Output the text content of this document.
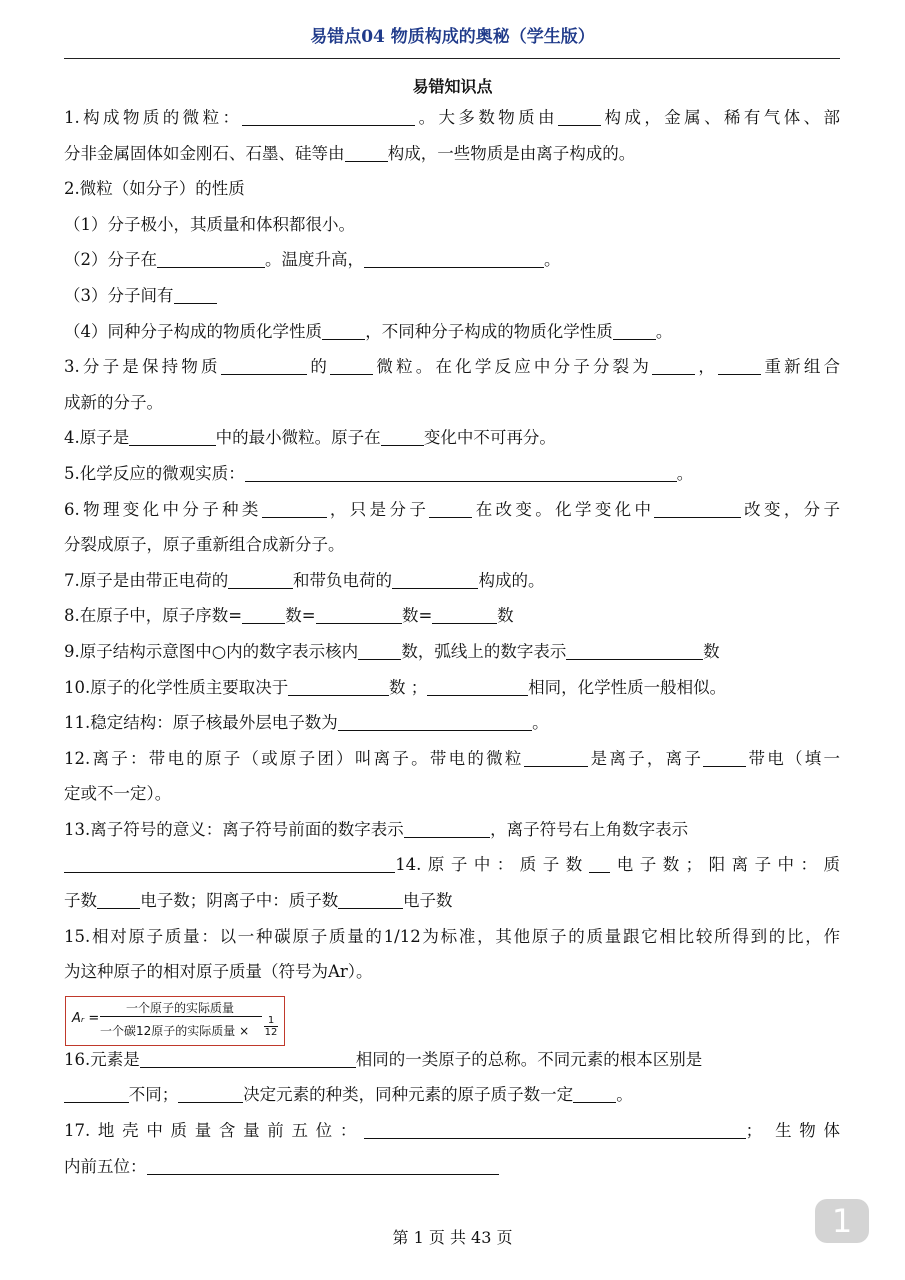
易错点04 物质构成的奥秘（学生版）
易错知识点
1.构成物质的微粒：	。大多数物质由	构成，金属、稀有气体、部
分非金属固体如金刚石、石墨、硅等由	构成，一些物质是由离子构成的。
2.微粒（如分子）的性质
（1）分子极小，其质量和体积都很小。
（2）分子在	。温度升高，	。
（3）分子间有
（4）同种分子构成的物质化学性质	，不同种分子构成的物质化学性质	。
3.分子是保持物质	的	微粒。在化学反应中分子分裂为	，	重新组合
成新的分子。
4.原子是	中的最小微粒。原子在	变化中不可再分。
5.化学反应的微观实质：	。
6.物理变化中分子种类	，只是分子	在改变。化学变化中	改变，分子
分裂成原子，原子重新组合成新分子。
7.原子是由带正电荷的	和带负电荷的	构成的。
8.在原子中，原子序数=	数=	数=	数
9.原子结构示意图中○内的数字表示核内	数，弧线上的数字表示	数
10.原子的化学性质主要取决于	数 ；	相同，化学性质一般相似。
11.稳定结构：原子核最外层电子数为	。
12.离子：带电的原子（或原子团）叫离子。带电的微粒	是离子，离子	带电（填一
定或不一定）。
13.离子符号的意义：离子符号前面的数字表示	，离子符号右上角数字表示
14.原子中：质子数 电子数；阳离子中：质
子数	电子数；阴离子中：质子数	电子数
15.相对原子质量：以一种碳原子质量的1/12为标准，其他原子的质量跟它相比较所得到的比，作
为这种原子的相对原子质量（符号为Ar）。
Aᵣ =
一个原子的实际质量
一个碳12原子的实际质量 ×
1
12
16.元素是	相同的一类原子的总称。不同元素的根本区别是
不同；	决定元素的种类，同种元素的原子质子数一定	。
17.地壳中质量含量前五位：	； 生物体
内前五位：
第 1 页 共 43 页	1
